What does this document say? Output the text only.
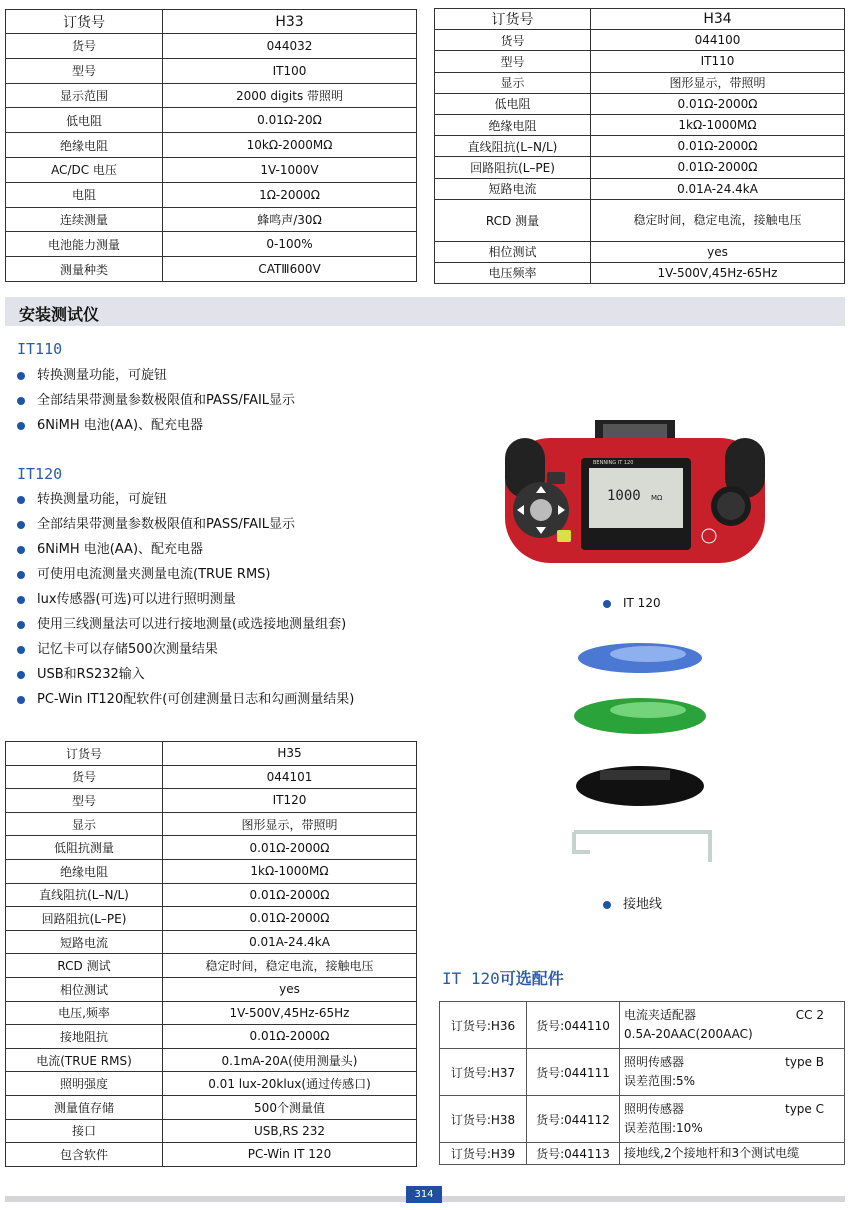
订货号	H33
货号	044032
型号	IT100
显示范围	2000 digits 带照明
低电阻	0.01Ω-20Ω
绝缘电阻	10kΩ-2000MΩ
AC/DC 电压	1V-1000V
电阻	1Ω-2000Ω
连续测量	蜂鸣声/30Ω
电池能力测量	0-100%
测量种类	CATⅢ600V
订货号	H34
货号	044100
型号	IT110
显示	图形显示，带照明
低电阻	0.01Ω-2000Ω
绝缘电阻	1kΩ-1000MΩ
直线阻抗(L–N/L)	0.01Ω-2000Ω
回路阻抗(L–PE)	0.01Ω-2000Ω
短路电流	0.01A-24.4kA
RCD 测量	稳定时间，稳定电流，接触电压
相位测试	yes
电压频率	1V-500V,45Hz-65Hz
安装测试仪
IT110
转换测量功能，可旋钮
全部结果带测量参数极限值和PASS/FAIL显示
6NiMH 电池(AA)、配充电器
IT120
转换测量功能，可旋钮
全部结果带测量参数极限值和PASS/FAIL显示
6NiMH 电池(AA)、配充电器
可使用电流测量夹测量电流(TRUE RMS)
lux传感器(可选)可以进行照明测量
使用三线测量法可以进行接地测量(或选接地测量组套)
记忆卡可以存储500次测量结果
USB和RS232输入
PC-Win IT120配软件(可创建测量日志和勾画测量结果)
BENNING IT 120
1000 MΩ
IT 120
接地线
订货号	H35
货号	044101
型号	IT120
显示	图形显示，带照明
低阻抗测量	0.01Ω-2000Ω
绝缘电阻	1kΩ-1000MΩ
直线阻抗(L–N/L)	0.01Ω-2000Ω
回路阻抗(L–PE)	0.01Ω-2000Ω
短路电流	0.01A-24.4kA
RCD 测试	稳定时间，稳定电流，接触电压
相位测试	yes
电压,频率	1V-500V,45Hz-65Hz
接地阻抗	0.01Ω-2000Ω
电流(TRUE RMS)	0.1mA-20A(使用测量头)
照明强度	0.01 lux-20klux(通过传感口)
测量值存储	500个测量值
接口	USB,RS 232
包含软件	PC-Win IT 120
IT 120可选配件
订货号:H36	货号:044110	电流夹适配器 CC 2
0.5A-20AAC(200AAC)

订货号:H37	货号:044111	照明传感器 type B
误差范围:5%

订货号:H38	货号:044112	照明传感器 type C
误差范围:10%

订货号:H39	货号:044113	接地线,2个接地杆和3个测试电缆
314
